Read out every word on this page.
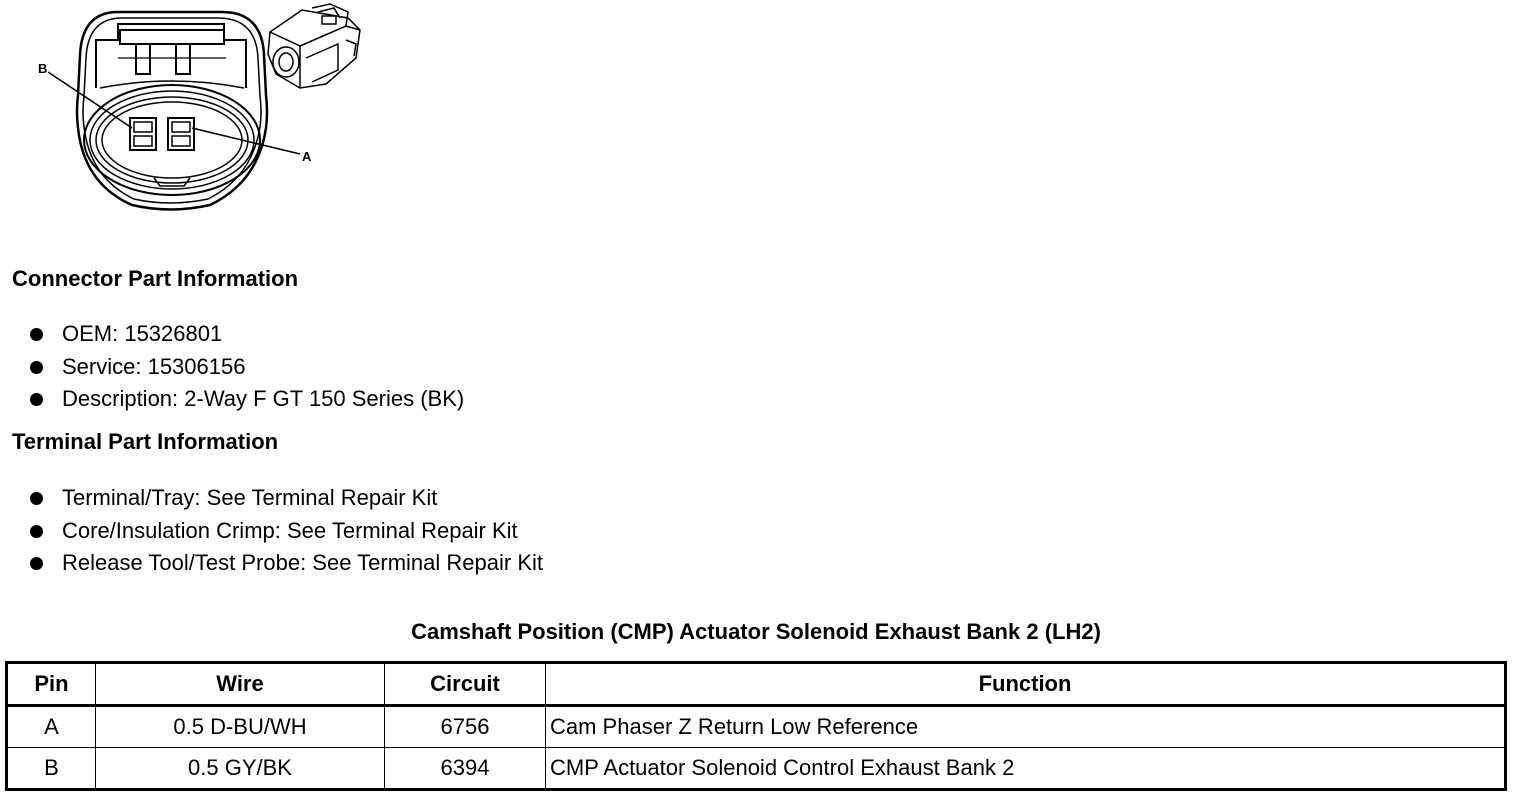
B
A
Connector Part Information
OEM: 15326801
Service: 15306156
Description: 2-Way F GT 150 Series (BK)
Terminal Part Information
Terminal/Tray: See Terminal Repair Kit
Core/Insulation Crimp: See Terminal Repair Kit
Release Tool/Test Probe: See Terminal Repair Kit
Camshaft Position (CMP) Actuator Solenoid Exhaust Bank 2 (LH2)
Pin	Wire	Circuit	Function
A	0.5 D-BU/WH	6756	Cam Phaser Z Return Low Reference
B	0.5 GY/BK	6394	CMP Actuator Solenoid Control Exhaust Bank 2
